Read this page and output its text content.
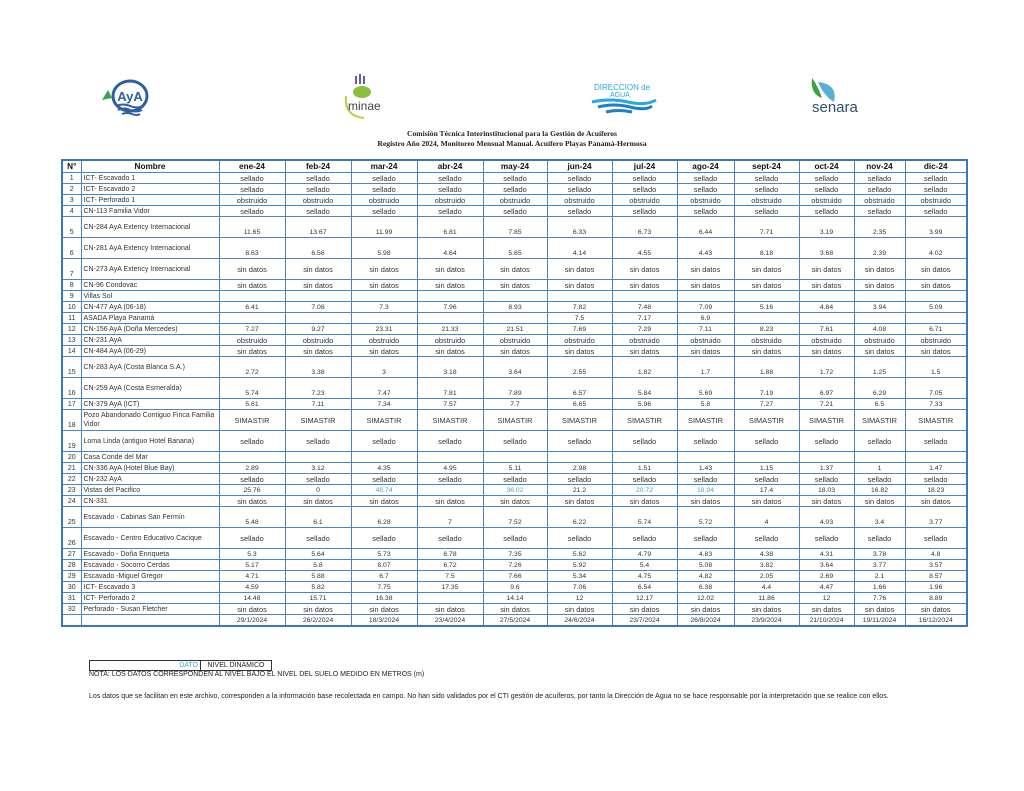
AyA
minae
DIRECCION de
AGUA
senara
Comisión Técnica Interinstitucional para la Gestión de Acuíferos
Registro Año 2024, Monitoreo Mensual Manual. Acuífero Playas Panamá-Hermosa
N°	Nombre	ene-24	feb-24	mar-24	abr-24	may-24	jun-24	jul-24	ago-24	sept-24	oct-24	nov-24	dic-24
1	ICT- Escavado 1	sellado	sellado	sellado	sellado	sellado	sellado	sellado	sellado	sellado	sellado	sellado	sellado
2	ICT- Escavado 2	sellado	sellado	sellado	sellado	sellado	sellado	sellado	sellado	sellado	sellado	sellado	sellado
3	ICT- Perforado 1	obstruido	obstruido	obstruido	obstruido	obstruido	obstruido	obstruido	obstruido	obstruido	obstruido	obstruido	obstruido
4	CN-113 Familia Vidor	sellado	sellado	sellado	sellado	sellado	sellado	sellado	sellado	sellado	sellado	sellado	sellado
5	CN-284 AyA Extency Internacional	11.65	13.67	11.99	6.81	7.85	6.33	6.73	6.44	7.71	3.19	2.35	3.99
6	CN-281 AyA Extency Internacional	8.63	6.56	5.98	4.64	5.65	4.14	4.55	4.43	8.18	3.68	2.39	4.02
7	CN-273 AyA Extency Internacional	sin datos	sin datos	sin datos	sin datos	sin datos	sin datos	sin datos	sin datos	sin datos	sin datos	sin datos	sin datos
8	CN-96 Condovac	sin datos	sin datos	sin datos	sin datos	sin datos	sin datos	sin datos	sin datos	sin datos	sin datos	sin datos	sin datos
9	Villas Sol												
10	CN-477 AyA (06-18)	6.41	7.08	7.3	7.96	8.93	7.82	7.48	7.09	5.16	4.84	3.94	5.09
11	ASADA Playa Panamá						7.5	7.17	6.9				
12	CN-156 AyA (Doña Mercedes)	7.27	9.27	23.31	21.33	21.51	7.69	7.29	7.11	8.23	7.61	4.08	6.71
13	CN-231 AyA	obstruido	obstruido	obstruido	obstruido	obstruido	obstruido	obstruido	obstruido	obstruido	obstruido	obstruido	obstruido
14	CN-484 AyA (06-29)	sin datos	sin datos	sin datos	sin datos	sin datos	sin datos	sin datos	sin datos	sin datos	sin datos	sin datos	sin datos
15	CN-283 AyA (Costa Blanca S.A.)	2.72	3.38	3	3.18	3.64	2.55	1.82	1.7	1.88	1.72	1.25	1.5
16	CN-259 AyA (Costa Esmeralda)	5.74	7.23	7.47	7.81	7.89	6.57	5.84	5.69	7.19	6.97	6.29	7.05
17	CN-379 AyA (ICT)	5.61	7.11	7.34	7.57	7.7	6.65	5.96	5.8	7.27	7.21	6.5	7.33
18	Pozo Abandonado Contiguo Finca Familia Vidor	SIMASTIR	SIMASTIR	SIMASTIR	SIMASTIR	SIMASTIR	SIMASTIR	SIMASTIR	SIMASTIR	SIMASTIR	SIMASTIR	SIMASTIR	SIMASTIR
19	Loma Linda (antiguo Hotel Banana)	sellado	sellado	sellado	sellado	sellado	sellado	sellado	sellado	sellado	sellado	sellado	sellado
20	Casa Conde del Mar												
21	CN-336 AyA (Hotel Blue Bay)	2.89	3.12	4.35	4.95	5.11	2.98	1.51	1.43	1.15	1.37	1	1.47
22	CN-232 AyA	sellado	sellado	sellado	sellado	sellado	sellado	sellado	sellado	sellado	sellado	sellado	sellado
23	Vistas del Pacifico	25.76	0	48.74		36.02	21.2	20.72	18.94	17.4	18.03	16.82	18.23
24	CN-331	sin datos	sin datos	sin datos	sin datos	sin datos	sin datos	sin datos	sin datos	sin datos	sin datos	sin datos	sin datos
25	Escavado - Cabinas San Fermín	5.48	6.1	6.28	7	7.52	6.22	5.74	5.72	4	4.03	3.4	3.77
26	Escavado - Centro Educativo Cacique	sellado	sellado	sellado	sellado	sellado	sellado	sellado	sellado	sellado	sellado	sellado	sellado
27	Escavado - Doña Enriqueta	5.3	5.64	5.73	6.78	7.35	5.62	4.79	4.83	4.38	4.31	3.78	4.8
28	Escavado - Socorro Cerdas	5.17	5.8	8.07	6.72	7.26	5.92	5.4	5.08	3.82	3.64	3.77	3.57
29	Escavado -Miguel Gregor	4.71	5.88	6.7	7.5	7.66	5.34	4.75	4.82	2.05	2.69	2.1	8.57
30	ICT- Escavado 3	4.59	5.82	7.75	17.35	9.6	7.06	6.54	6.38	4.4	4.47	1.66	1.96
31	ICT- Perforado 2	14.48	15.71	16.38		14.14	12	12.17	12.02	11.86	12	7.76	8.89
32	Perforado - Susan Fletcher	sin datos	sin datos	sin datos	sin datos	sin datos	sin datos	sin datos	sin datos	sin datos	sin datos	sin datos	sin datos
		29/1/2024	26/2/2024	18/3/2024	23/4/2024	27/5/2024	24/6/2024	23/7/2024	26/8/2024	23/9/2024	21/10/2024	19/11/2024	16/12/2024
DATO	NIVEL DINÁMICO
NOTA: LOS DATOS CORRESPONDEN AL NIVEL BAJO EL NIVEL DEL SUELO MEDIDO EN METROS (m)
Los datos que se facilitan en este archivo, corresponden a la información base recolectada en campo. No han sido validados por el CTI gestión de acuíferos, por tanto la Dirección de Agua no se hace responsable por la interpretación que se realice con ellos.
